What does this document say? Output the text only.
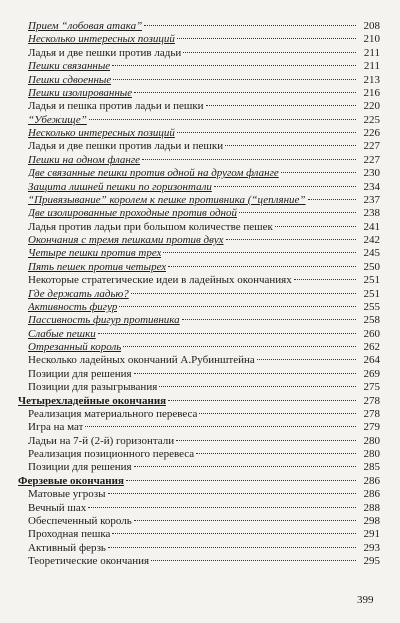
Прием “лобовая атака”	208
Несколько интересных позиций	210
Ладья и две пешки против ладьи	211
Пешки связанные	211
Пешки сдвоенные	213
Пешки изолированные	216
Ладья и пешка против ладьи и пешки	220
“Убежище”	225
Несколько интересных позиций	226
Ладья и две пешки против ладьи и пешки	227
Пешки на одном фланге	227
Две связанные пешки против одной на другом фланге	230
Защита лишней пешки по горизонтали	234
“Привязывание” королем к пешке противника (“цепляние”	237
Две изолированные проходные против одной	238
Ладья против ладьи при большом количестве пешек	241
Окончания с тремя пешками против двух	242
Четыре пешки против трех	245
Пять пешек против четырех	250
Некоторые стратегические идеи в ладейных окончаниях	251
Где держать ладью?	251
Активность фигур	255
Пассивность фигур противника	258
Слабые пешки	260
Отрезанный король	262
Несколько ладейных окончаний А.Рубинштейна	264
Позиции для решения	269
Позиции для разыгрывания	275
Четырехладейные окончания	278
Реализация материального перевеса	278
Игра на мат	279
Ладьи на 7-й (2-й) горизонтали	280
Реализация позиционного перевеса	280
Позиции для решения	285
Ферзевые окончания	286
Матовые угрозы	286
Вечный шах	288
Обеспеченный король	298
Проходная пешка	291
Активный ферзь	293
Теоретические окончания	295
399
